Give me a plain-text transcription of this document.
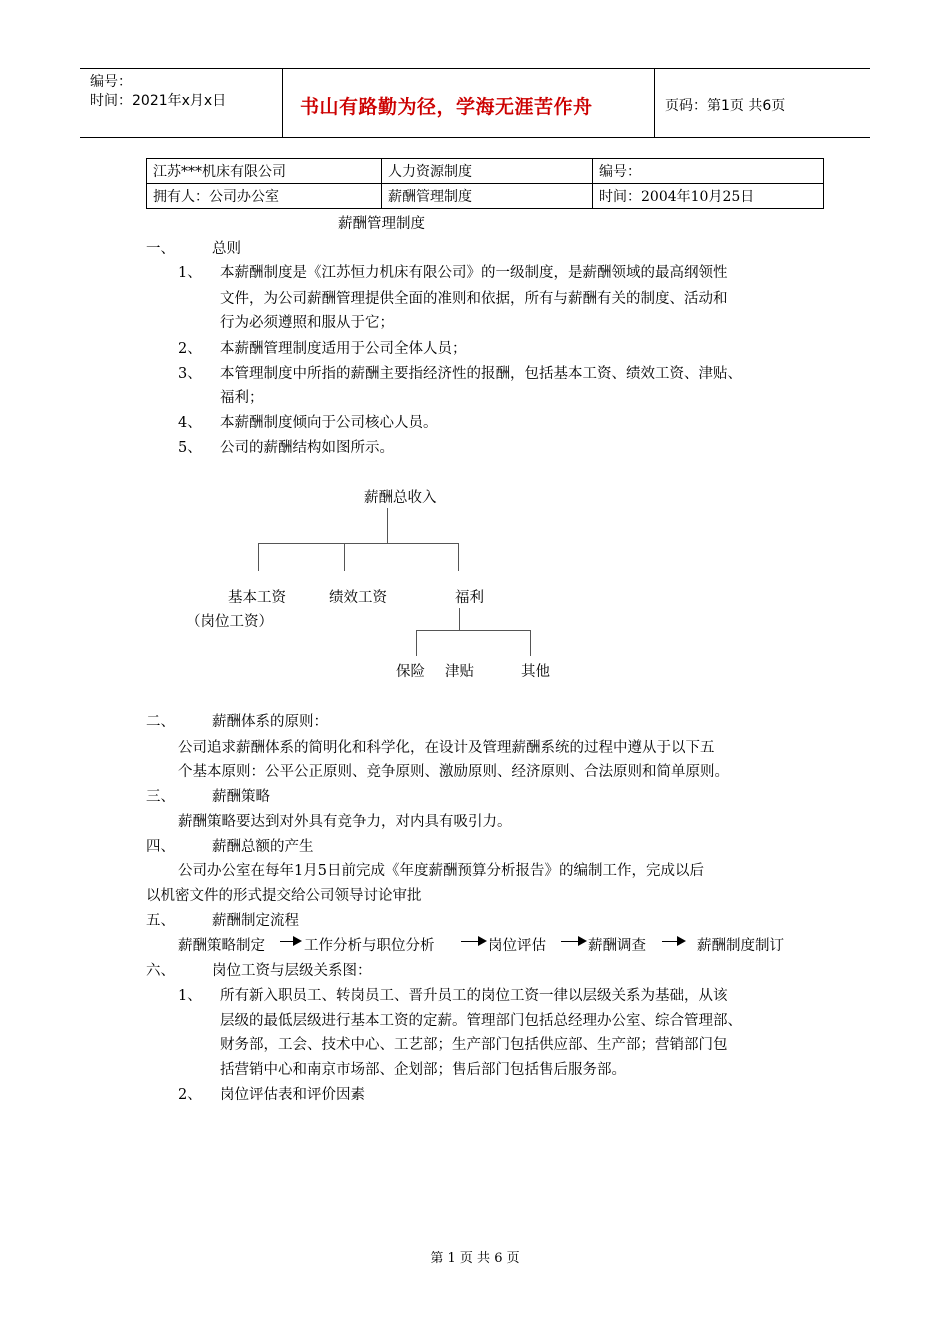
编号：
时间：2021年x月x日	书山有路勤为径，学海无涯苦作舟	页码：第1页 共6页
江苏***机床有限公司	人力资源制度	编号：
拥有人：公司办公室	薪酬管理制度	时间：2004年10月25日
薪酬管理制度
一、	总则
1、 本薪酬制度是《江苏恒力机床有限公司》的一级制度，是薪酬领域的最高纲领性
文件，为公司薪酬管理提供全面的准则和依据，所有与薪酬有关的制度、活动和
行为必须遵照和服从于它；
2、 本薪酬管理制度适用于公司全体人员；
3、 本管理制度中所指的薪酬主要指经济性的报酬，包括基本工资、绩效工资、津贴、
福利；
4、 本薪酬制度倾向于公司核心人员。
5、 公司的薪酬结构如图所示。
薪酬总收入
基本工资
（岗位工资）
绩效工资	福利
保险 津贴	其他
二、	薪酬体系的原则：
公司追求薪酬体系的简明化和科学化，在设计及管理薪酬系统的过程中遵从于以下五
个基本原则：公平公正原则、竞争原则、激励原则、经济原则、合法原则和简单原则。
三、	薪酬策略
薪酬策略要达到对外具有竞争力，对内具有吸引力。
四、	薪酬总额的产生
公司办公室在每年1月5日前完成《年度薪酬预算分析报告》的编制工作，完成以后
以机密文件的形式提交给公司领导讨论审批
五、	薪酬制定流程
薪酬策略制定	工作分析与职位分析	岗位评估	薪酬调查	薪酬制度制订
六、	岗位工资与层级关系图：
1、 所有新入职员工、转岗员工、晋升员工的岗位工资一律以层级关系为基础，从该
层级的最低层级进行基本工资的定薪。管理部门包括总经理办公室、综合管理部、
财务部，工会、技术中心、工艺部；生产部门包括供应部、生产部；营销部门包
括营销中心和南京市场部、企划部；售后部门包括售后服务部。
2、 岗位评估表和评价因素
第 1 页 共 6 页
